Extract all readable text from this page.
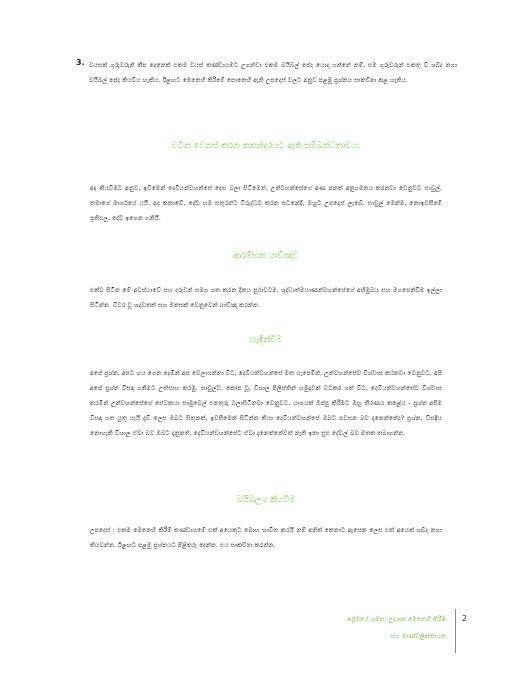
3. වයසක් ගුරුවරුන් කීප දෙනෙක් එකම වයස් කණ්ඩායමට උගන්වා එකම බයිබල් පේද යොදා ගන්නේ නම්, එම ගුරුවරුන් එකතු වී ශබ්ද නගා බයිබල් පේද කියවිය හැකිය. ඊළඟට මෙනෙහි කිරීමේ පොතෙහි ඇති උපදෙස් වලට අනුව පළමු ප්‍රශ්නය සාකච්ඡා කළ හැකිය.
වටින වෙනස් කරන කතන්දරයට ඇති සම්බන්ධතාවය.
අද කියවීමට අනුව, ඉවීමෙන් දෙවියන්වහන්සේ දෙස බලා සිටිමෙන්, උන්වහන්සේගේ අණ පනත් අනුගමනය කරනවා වෙනුවට සාවුල්, තමාගේ මාර්ගයේ යයි. අද කතාවේ, දේව හම සතුරන්ට විරුද්ධව කරන සටනේදී, ඔහුට උපදෙස් ලැබේ. සාවුල් මෙන්ම, නොඉවසීමේ ප්‍රතිඵල, දේව ඉගෙන ගනියි.
ආරම්භක යාච්ඤාව
එක්ව සිටින මේ අවස්ථාවේ සහ දරුවන් සමග ගත කරන දිනය පුරාවටම, ශුද්ධාත්මයාණන්වහන්සේගේ අභිමුඛය සහ මගපෙන්වීම ඉල්ලා සිටින්න. විවර වූ හදවතක් සහ මනසක් වෙනුවෙන් යාච්ඤා කරන්න.
හැඳින්වීම
අපේ ප්‍රශ්න, අපට හය ගෙන දෙමින් අප වෙලාගන්නා විට, දෙවියන්වහන්සේ මත යැපෙමින්, උන්වහන්සේව විශ්වාස කරනවා වෙනුවට, අපි අපේ ප්‍රශ්න විසඳා ගනිමට උත්සාහ කරමු. සාවුල්ව, කෝප වූ, විශාල පිලිස්තින් හමුදාවක් වටකර ගත් විට, දෙවියන්වහන්සේව විශ්වාස කරමින් උන්වහන්සේගේ සේවකයා සාමුවෙල් එනතුරු බලාසිටිනවා වෙනුවට, යාගයක් ඔප්පු කිරීමට ඔහු තීරණය කළේය - ප්‍රශ්න අපිම විසඳා ගත යුතු යැයි දැඩි ලෙස ඔබට සිතුනක්, ඉවසීමෙන් සිටින්න කියා දෙවියන්වහන්සේ ඔබට පවසන බව දැනෙන්නේද? ප්‍රශ්න, විසඳිය නොහැකි විශාල ඒවා බව ඔබට දැනුනත්, දෙවියන්වහන්සේට ඒවා දැනෙන්නේවත් නැති ඉතා සුළු දේවල් බව මතක තබාගන්න.
බයිබලය කියවීම
උපදෙස් : එකම මෙනෙහි කිරීම් කණ්ඩායමේ එක් අයෙකුට බොහ භාවිත කරයි නම් අනික් කෙනාට ඇසෙන ලෙස එක් අයෙක් ශබ්ද නගා කියවන්න. ඊළඟට පළමු ප්‍රශ්නයට පිළිතුරු දෙන්න. එය සාකච්ඡා කරන්න.
ප්‍රේමයේ ගමන: උද්‍යාන මෙනෙහි කිරීම
සහ මාණ්ඩලික්නායක
2
